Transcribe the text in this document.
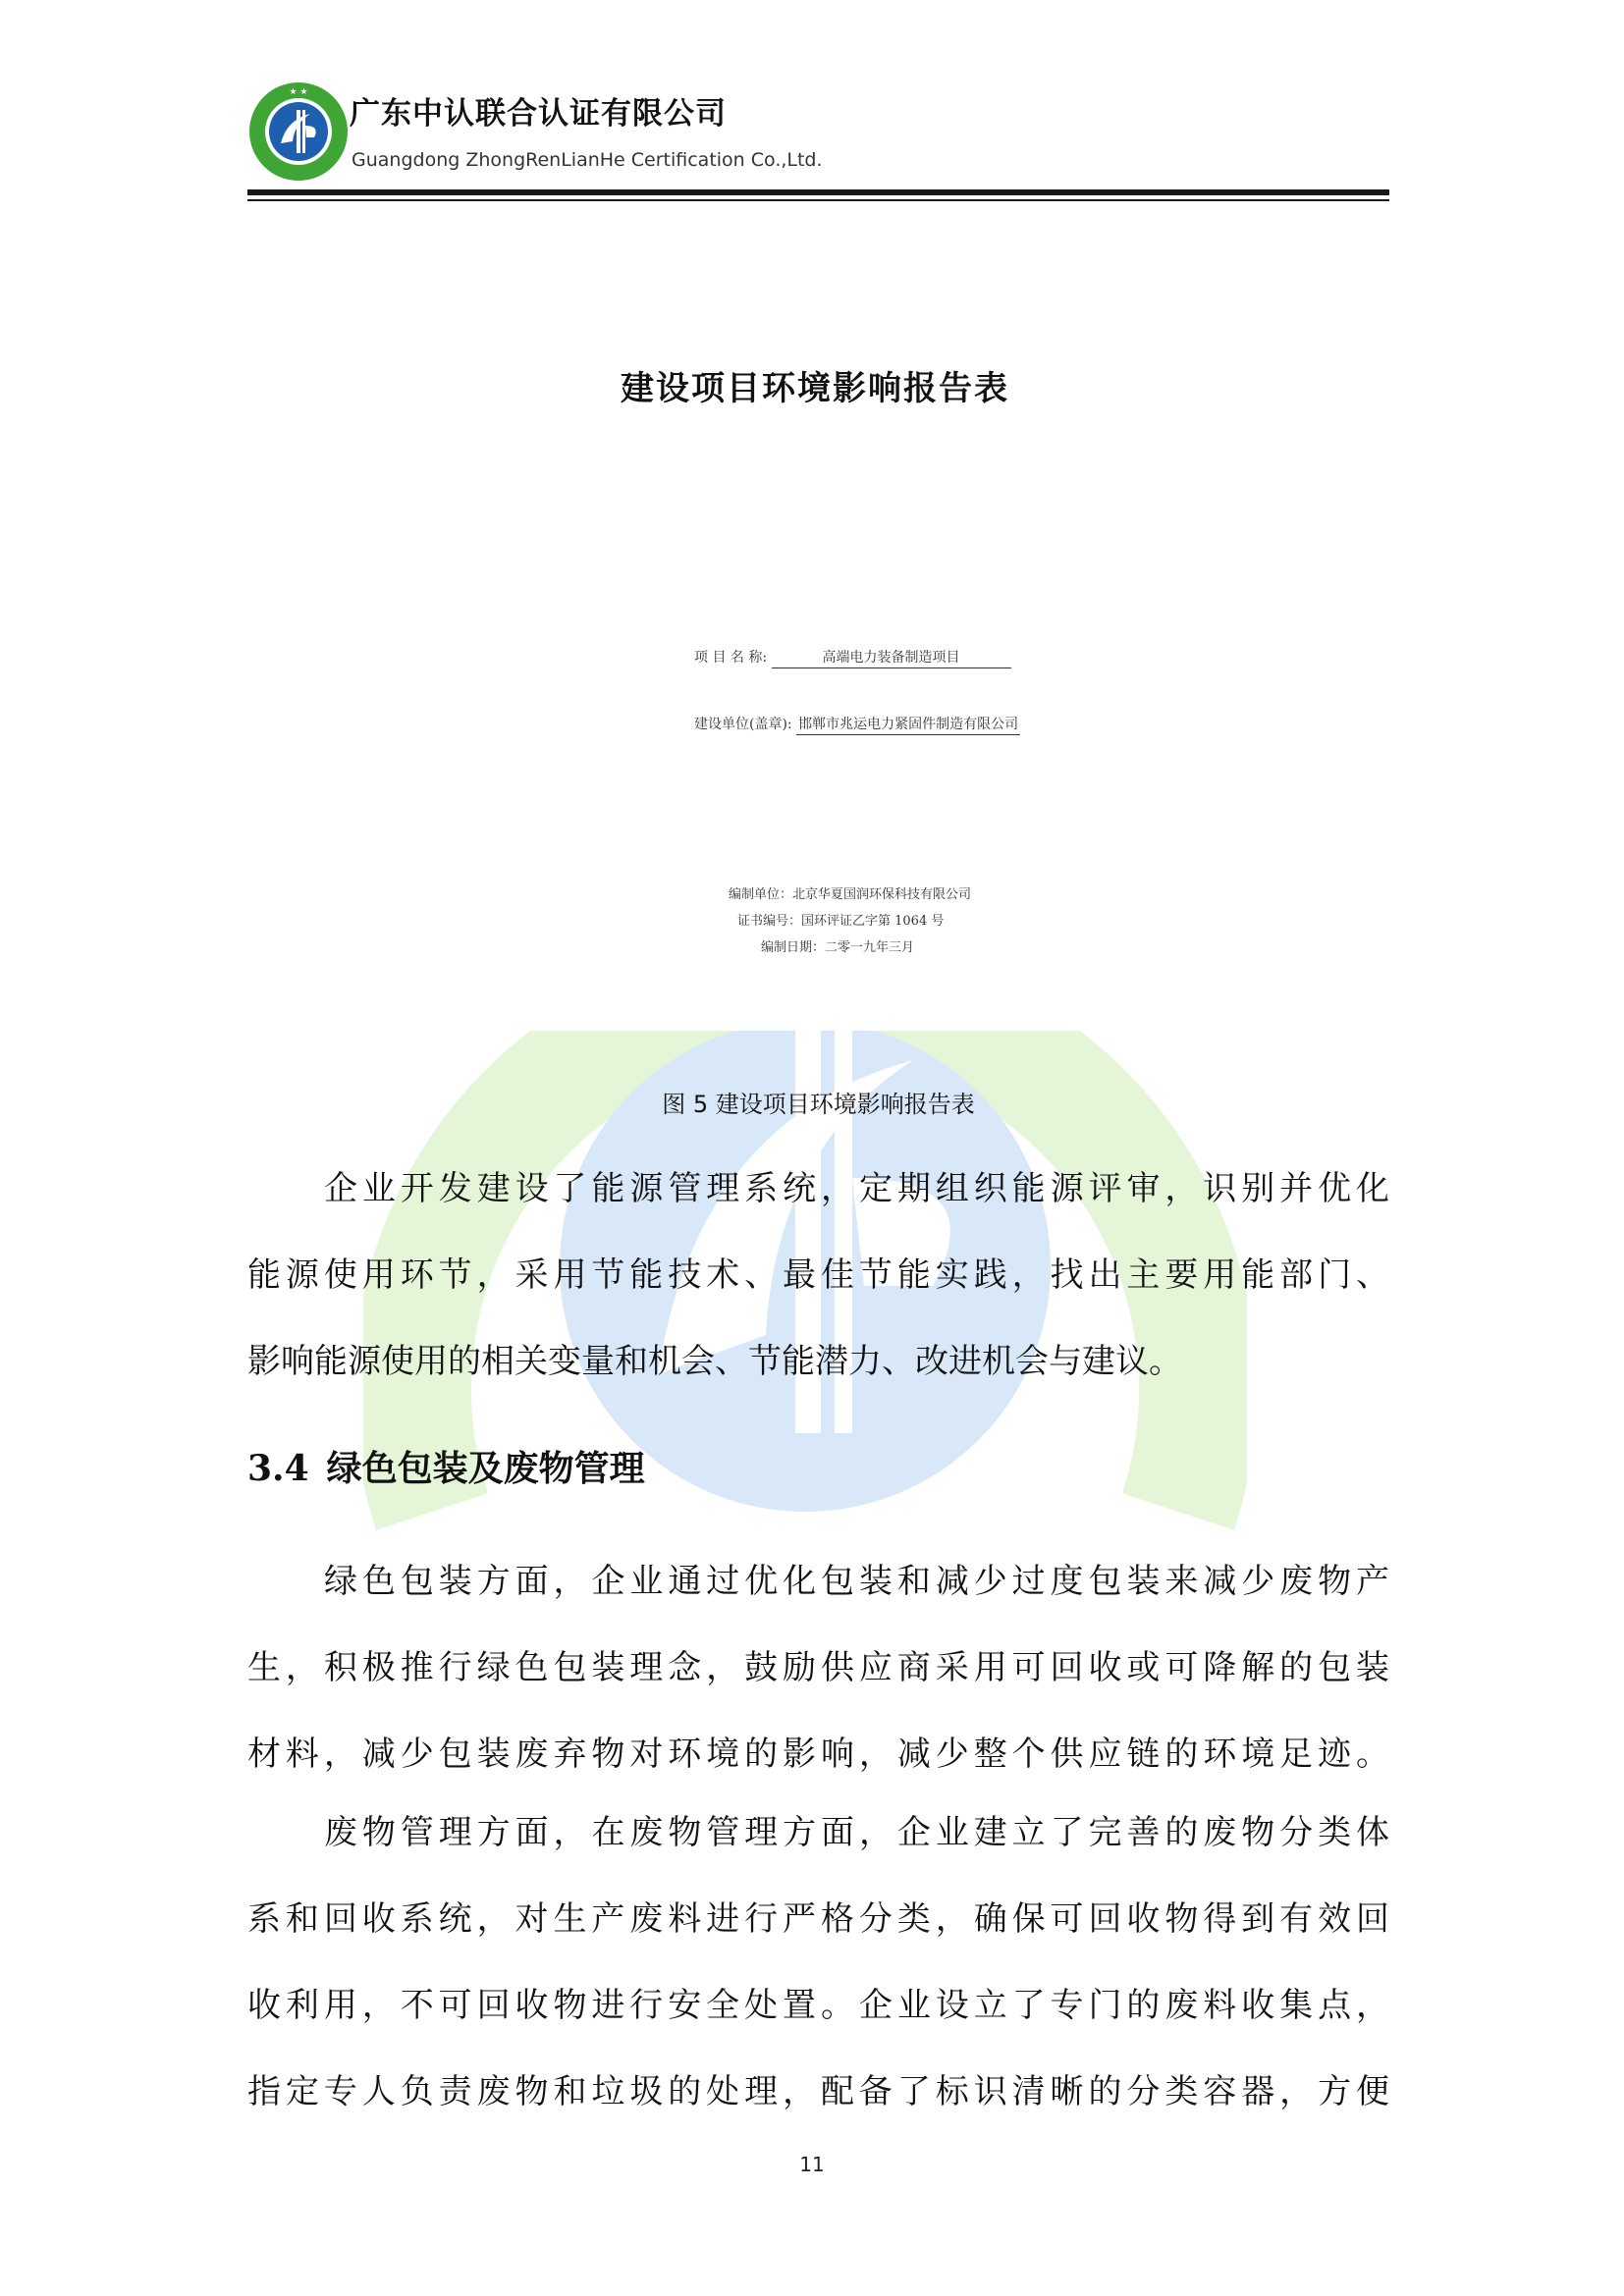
★ ★
广东中认联合认证有限公司
Guangdong ZhongRenLianHe Certification Co.,Ltd.
建设项目环境影响报告表
项 目 名 称:	高端电力装备制造项目
建设单位(盖章): 邯郸市兆运电力紧固件制造有限公司
编制单位：北京华夏国润环保科技有限公司
证书编号：国环评证乙字第 1064 号
编制日期：二零一九年三月
图 5 建设项目环境影响报告表
企业开发建设了能源管理系统，定期组织能源评审，识别并优化
能源使用环节，采用节能技术、最佳节能实践，找出主要用能部门、
影响能源使用的相关变量和机会、节能潜力、改进机会与建议。
3.4 绿色包装及废物管理
绿色包装方面，企业通过优化包装和减少过度包装来减少废物产
生，积极推行绿色包装理念，鼓励供应商采用可回收或可降解的包装
材料，减少包装废弃物对环境的影响，减少整个供应链的环境足迹。
废物管理方面，在废物管理方面，企业建立了完善的废物分类体
系和回收系统，对生产废料进行严格分类，确保可回收物得到有效回
收利用，不可回收物进行安全处置。企业设立了专门的废料收集点，
指定专人负责废物和垃圾的处理，配备了标识清晰的分类容器，方便
11
